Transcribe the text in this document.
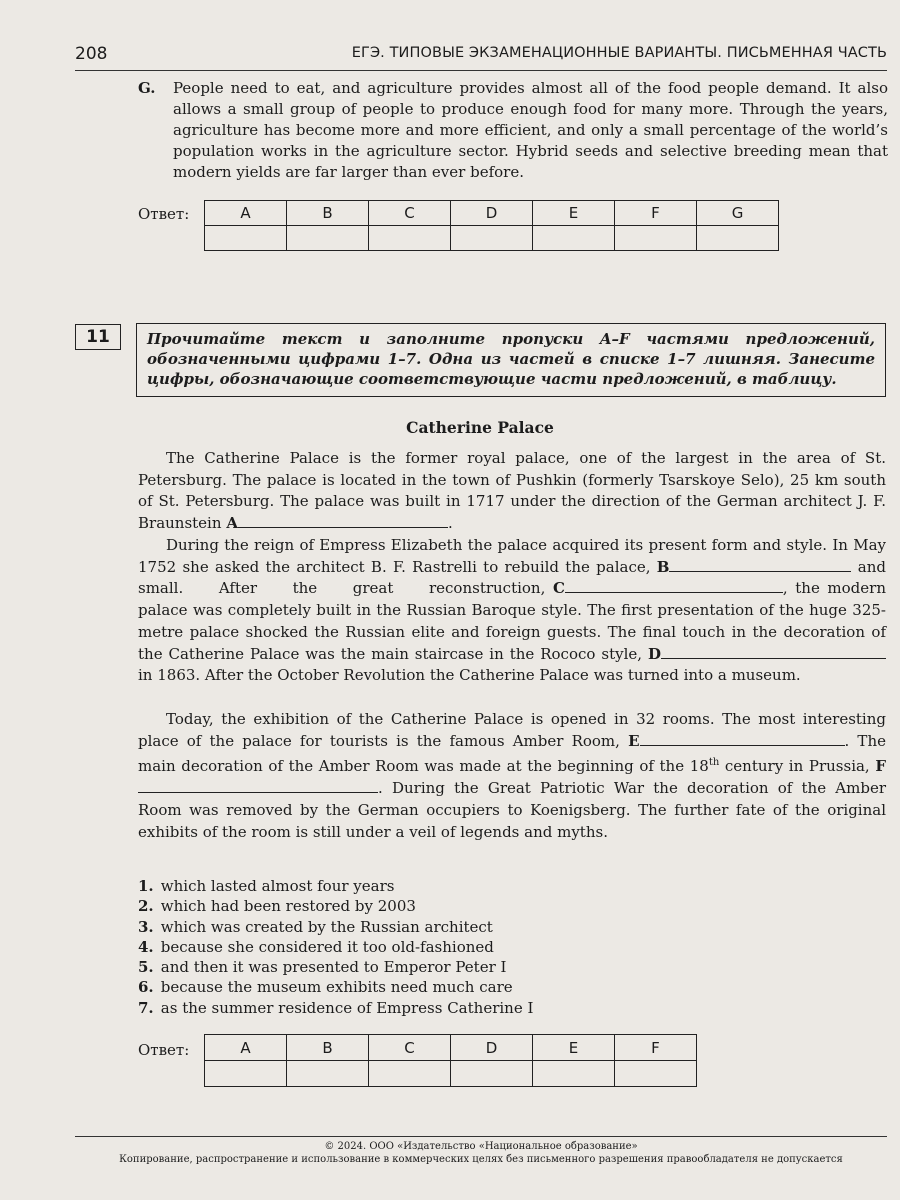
208	ЕГЭ. ТИПОВЫЕ ЭКЗАМЕНАЦИОННЫЕ ВАРИАНТЫ. ПИСЬМЕННАЯ ЧАСТЬ
G. People need to eat, and agriculture provides almost all of the food people demand. It also allows a small group of people to produce enough food for many more. Through the years, agriculture has become more and more efficient, and only a small percentage of the world’s population works in the agriculture sector. Hybrid seeds and selective breeding mean that modern yields are far larger than ever before.
Ответ:	A	B	C	D	E	F	G

11	Прочитайте текст и заполните пропуски A–F частями предложений, обозначенными цифрами 1–7. Одна из частей в списке 1–7 лишняя. Занесите цифры, обозначающие соответствующие части предложений, в таблицу.
Catherine Palace
The Catherine Palace is the former royal palace, one of the largest in the area of St. Petersburg. The palace is located in the town of Pushkin (formerly Tsarskoye Selo), 25 km south of St. Petersburg. The palace was built in 1717 under the direction of the German architect J. F. Braunstein A	.
During the reign of Empress Elizabeth the palace acquired its present form and style. In May 1752 she asked the architect B. F. Rastrelli to rebuild the palace, B	and small. After the great reconstruction, C	, the modern palace was completely built in the Russian Baroque style. The first presentation of the huge 325-metre palace shocked the Russian elite and foreign guests. The final touch in the decoration of the Catherine Palace was the main staircase in the Rococo style, D in 1863. After the October Revolution the Catherine Palace was turned into a museum.
Today, the exhibition of the Catherine Palace is opened in 32 rooms. The most interesting place of the palace for tourists is the famous Amber Room, E	. The main decoration of the Amber Room was made at the beginning of the 18th century in Prussia, F. During the Great Patriotic War the decoration of the Amber Room was removed by the German occupiers to Koenigsberg. The further fate of the original exhibits of the room is still under a veil of legends and myths.
1. which lasted almost four years
2. which had been restored by 2003
3. which was created by the Russian architect
4. because she considered it too old-fashioned
5. and then it was presented to Emperor Peter I
6. because the museum exhibits need much care
7. as the summer residence of Empress Catherine I
Ответ:	A	B	C	D	E	F

© 2024. ООО «Издательство «Национальное образование»
Копирование, распространение и использование в коммерческих целях без письменного разрешения правообладателя не допускается
